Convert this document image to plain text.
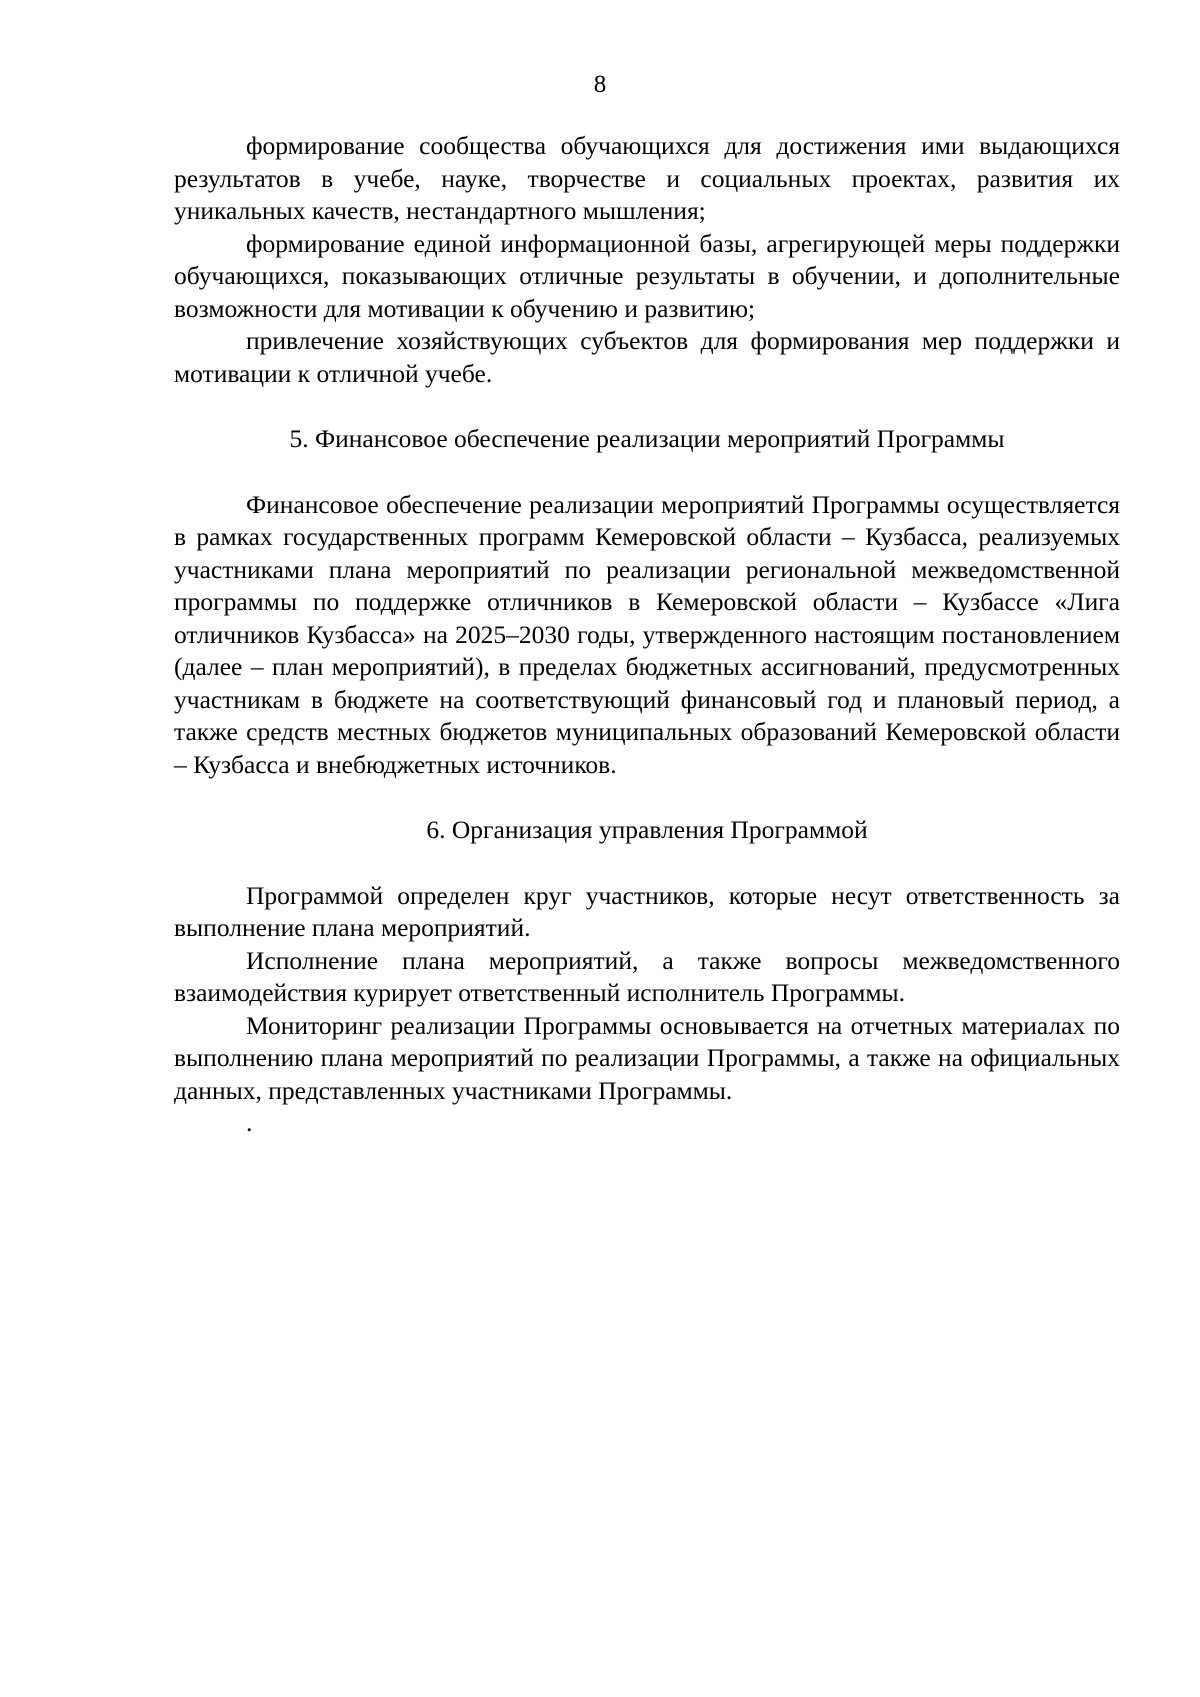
8

формирование сообщества обучающихся для достижения ими выдающихся результатов в учебе, науке, творчестве и социальных проектах, развития их уникальных качеств, нестандартного мышления;

формирование единой информационной базы, агрегирующей меры поддержки обучающихся, показывающих отличные результаты в обучении, и дополнительные возможности для мотивации к обучению и развитию;

привлечение хозяйствующих субъектов для формирования мер поддержки и мотивации к отличной учебе.

5. Финансовое обеспечение реализации мероприятий Программы

Финансовое обеспечение реализации мероприятий Программы осуществляется в рамках государственных программ Кемеровской области – Кузбасса, реализуемых участниками плана мероприятий по реализации региональной межведомственной программы по поддержке отличников в Кемеровской области – Кузбассе «Лига отличников Кузбасса» на 2025–2030 годы, утвержденного настоящим постановлением (далее – план мероприятий), в пределах бюджетных ассигнований, предусмотренных участникам в бюджете на соответствующий финансовый год и плановый период, а также средств местных бюджетов муниципальных образований Кемеровской области – Кузбасса и внебюджетных источников.

6. Организация управления Программой

Программой определен круг участников, которые несут ответственность за выполнение плана мероприятий.

Исполнение плана мероприятий, а также вопросы межведомственного взаимодействия курирует ответственный исполнитель Программы.

Мониторинг реализации Программы основывается на отчетных материалах по выполнению плана мероприятий по реализации Программы, а также на официальных данных, представленных участниками Программы.

.
